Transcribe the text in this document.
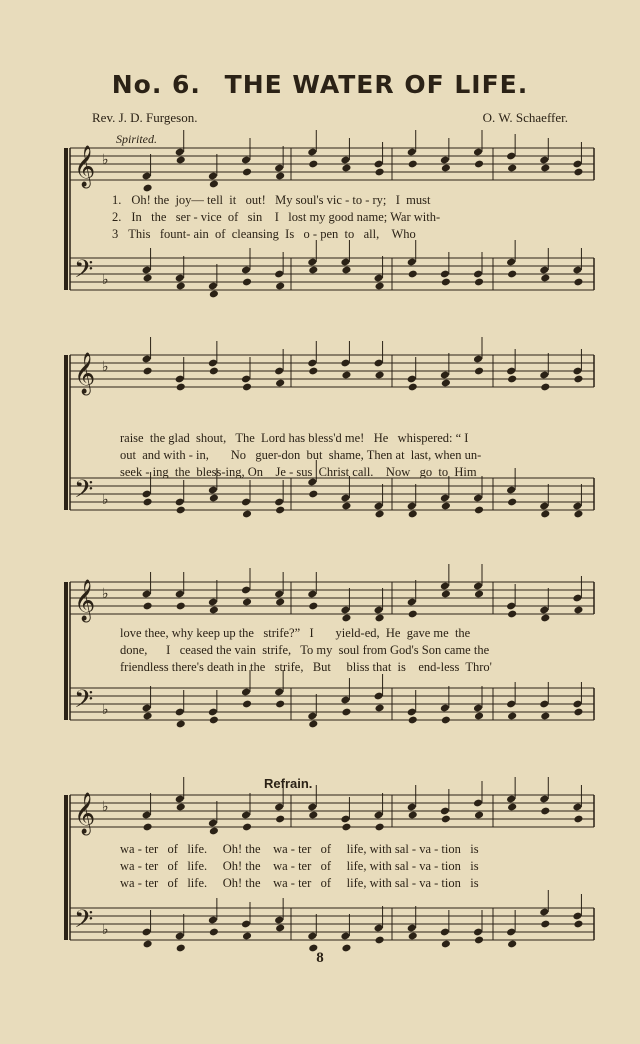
No. 6. THE WATER OF LIFE.
Rev. J. D. Furgeson.	O. W. Schaeffer.
Spirited.
Refrain.
𝄞
𝄢
♭
♭
𝄞
𝄢
♭
♭
𝄞
𝄢
♭
♭
𝄞
𝄢
♭
♭
1. Oh! the  joy— tell  it   out!   My soul's vic - to - ry;   I  must
2. In   the   ser - vice  of   sin    I   lost my good name; War with-
3 This   fount- ain  of  cleansing  Is   o - pen  to   all,    Who
raise  the glad  shout,   The  Lord has bless'd me!   He   whispered: “ I
out  and with - in,       No   guer-don  but  shame, Then at  last, when un-
seek - ing  the  bless-ing, On    Je - sus  Christ call.    Now   go  to  Him
love thee, why keep up the   strife?”   I       yield-ed,  He  gave me  the
done,      I   ceased the vain  strife,   To my  soul from God's Son came the
friendless there's death in the   strife,   But     bliss that  is    end-less  Thro'
wa - ter   of   life.     Oh! the    wa - ter   of     life, with sal - va - tion   is
wa - ter   of   life.     Oh! the    wa - ter   of     life, with sal - va - tion   is
wa - ter   of   life.     Oh! the    wa - ter   of     life, with sal - va - tion   is
8
